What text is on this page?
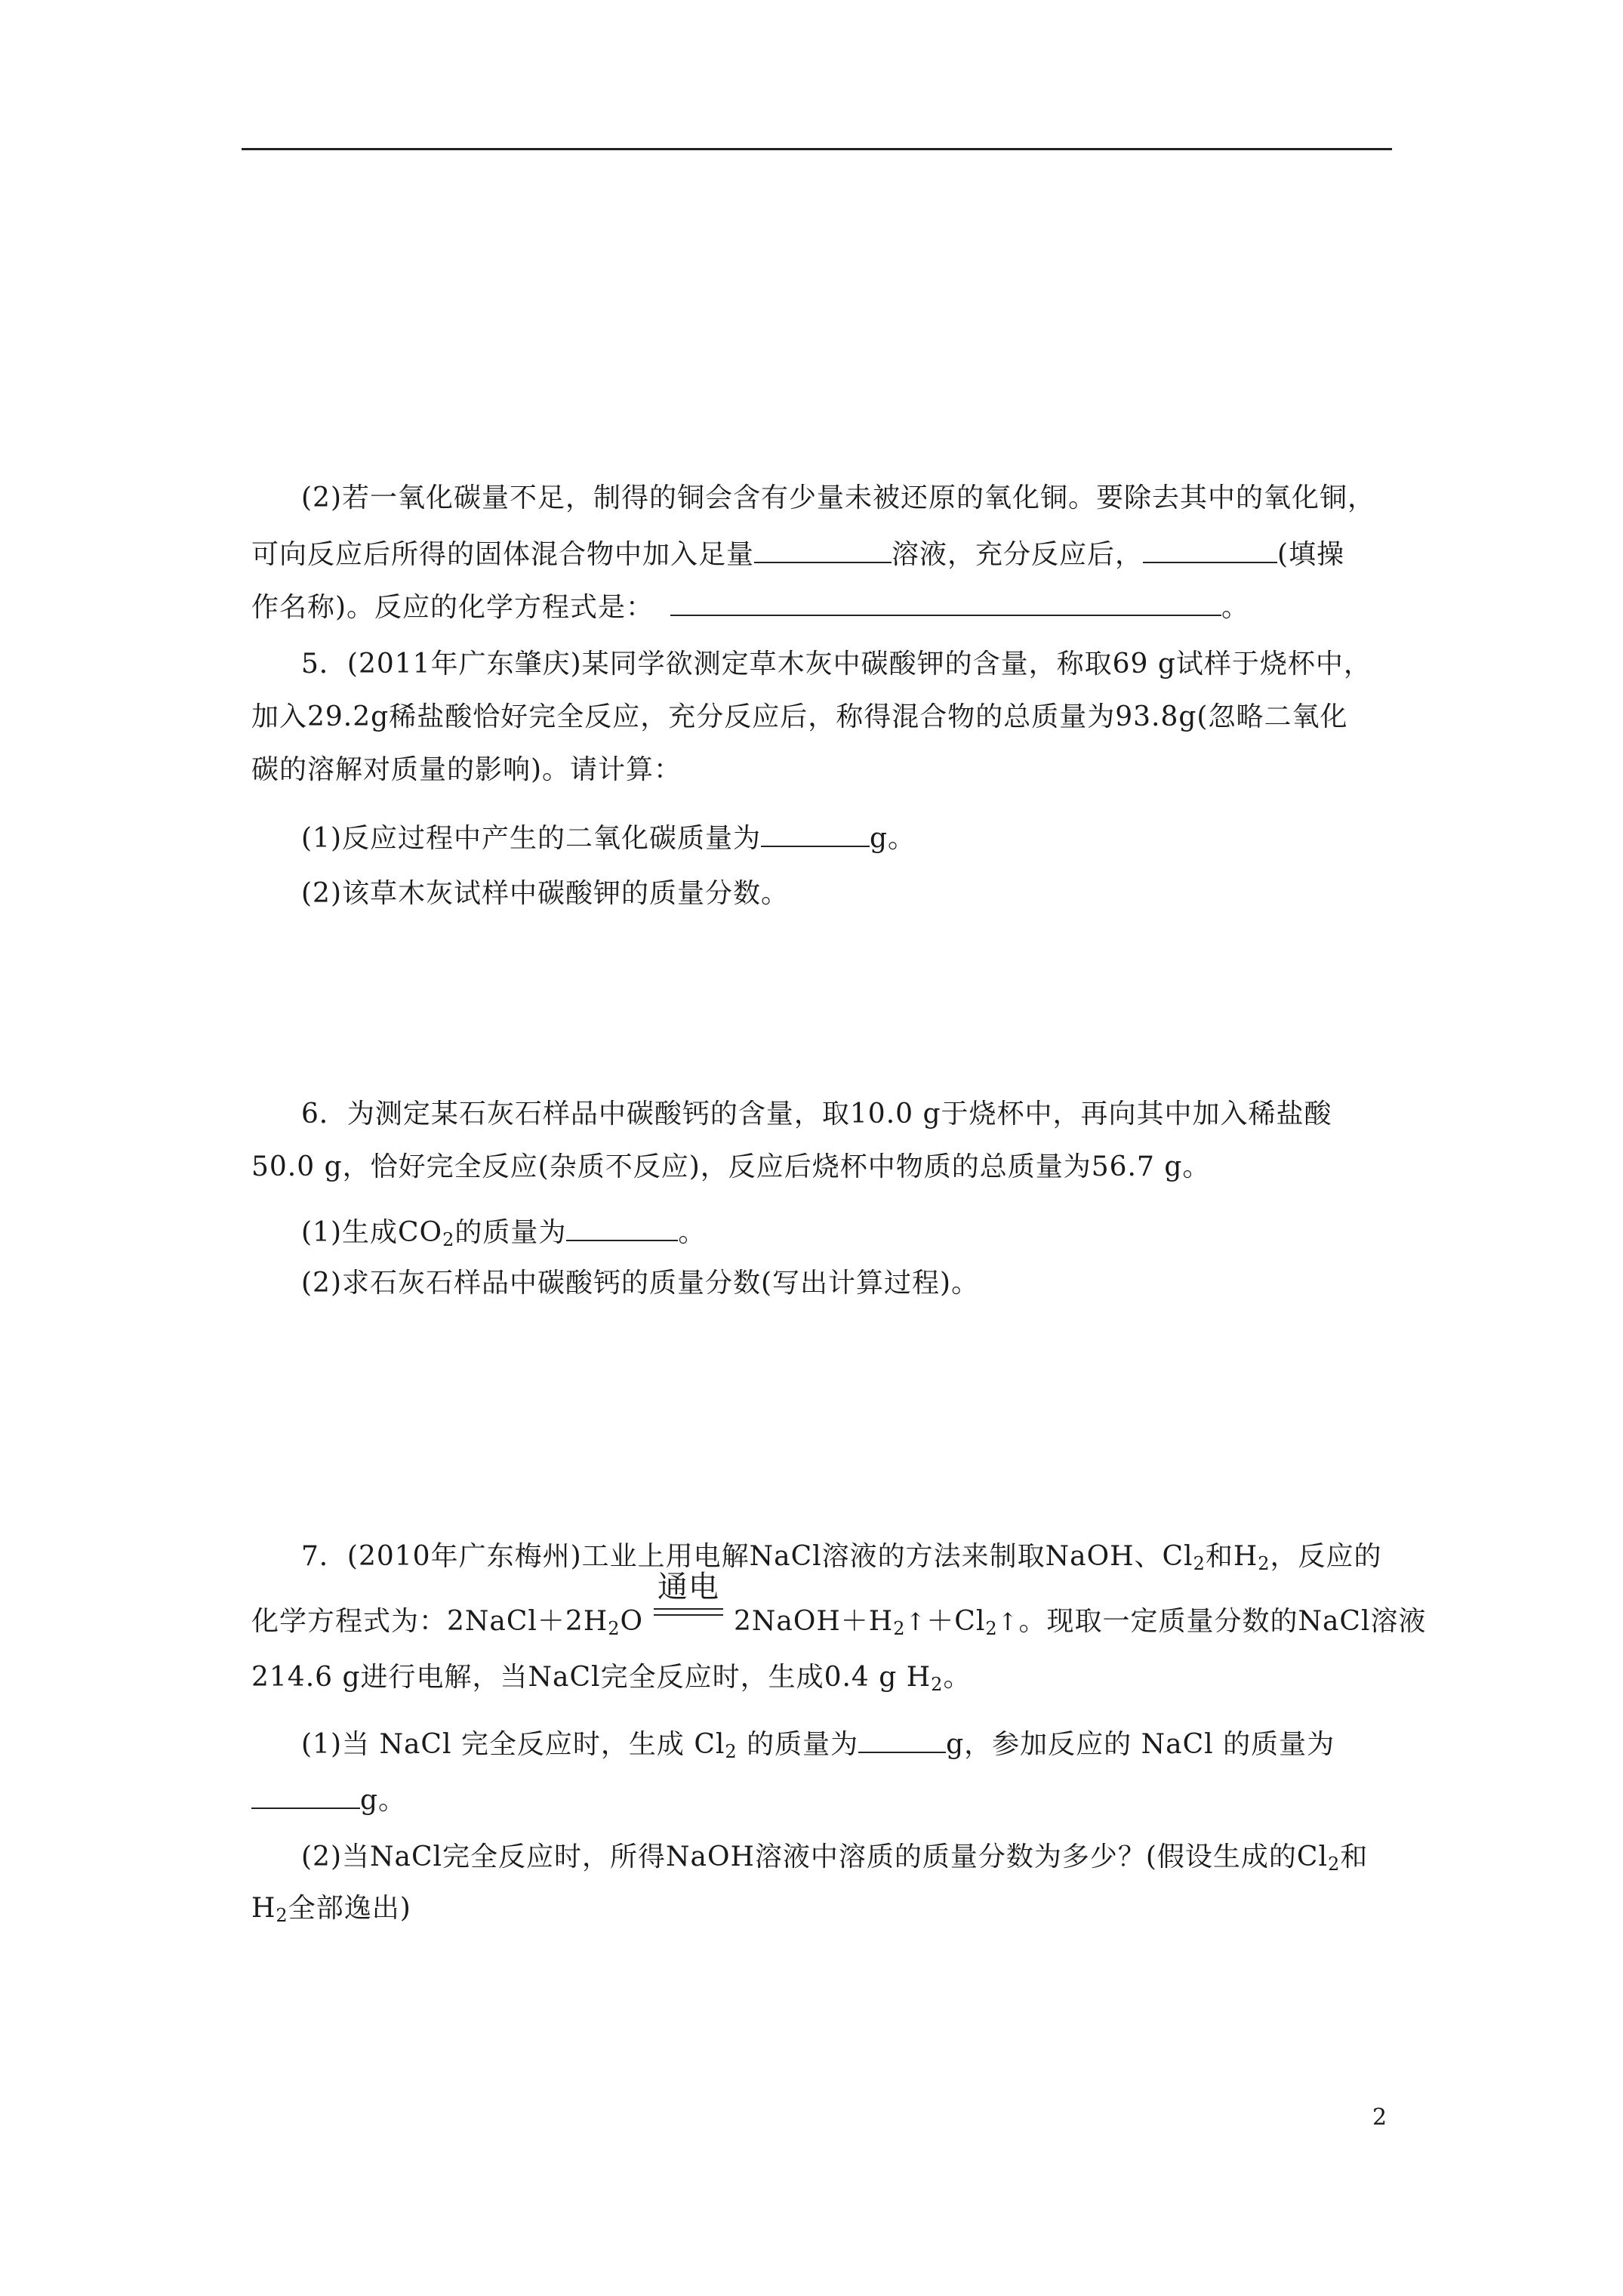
(2)若一氧化碳量不足，制得的铜会含有少量未被还原的氧化铜。要除去其中的氧化铜，
可向反应后所得的固体混合物中加入足量	溶液，充分反应后，	(填操
作名称)。反应的化学方程式是：	。
5．(2011年广东肇庆)某同学欲测定草木灰中碳酸钾的含量，称取69 g试样于烧杯中，
加入29.2g稀盐酸恰好完全反应，充分反应后，称得混合物的总质量为93.8g(忽略二氧化
碳的溶解对质量的影响)。请计算：
(1)反应过程中产生的二氧化碳质量为	g。
(2)该草木灰试样中碳酸钾的质量分数。
6．为测定某石灰石样品中碳酸钙的含量，取10.0 g于烧杯中，再向其中加入稀盐酸
50.0 g，恰好完全反应(杂质不反应)，反应后烧杯中物质的总质量为56.7 g。
(1)生成$CO_2$的质量为	。
(2)求石灰石样品中碳酸钙的质量分数(写出计算过程)。
7．(2010年广东梅州)工业上用电解NaCl溶液的方法来制取NaOH、$Cl_2$和$H_2$，反应的
化学方程式为：$2NaCl+2H_2O$
通电
$2NaOH+H_2↑+Cl_2↑$。现取一定质量分数的NaCl溶液
214.6 g进行电解，当NaCl完全反应时，生成0.4 g $H_2$。
(1)当 NaCl 完全反应时，生成 $Cl_2$ 的质量为	g，参加反应的 NaCl 的质量为
g。
(2)当NaCl完全反应时，所得NaOH溶液中溶质的质量分数为多少？(假设生成的$Cl_2$和
$H_2$全部逸出)
2
